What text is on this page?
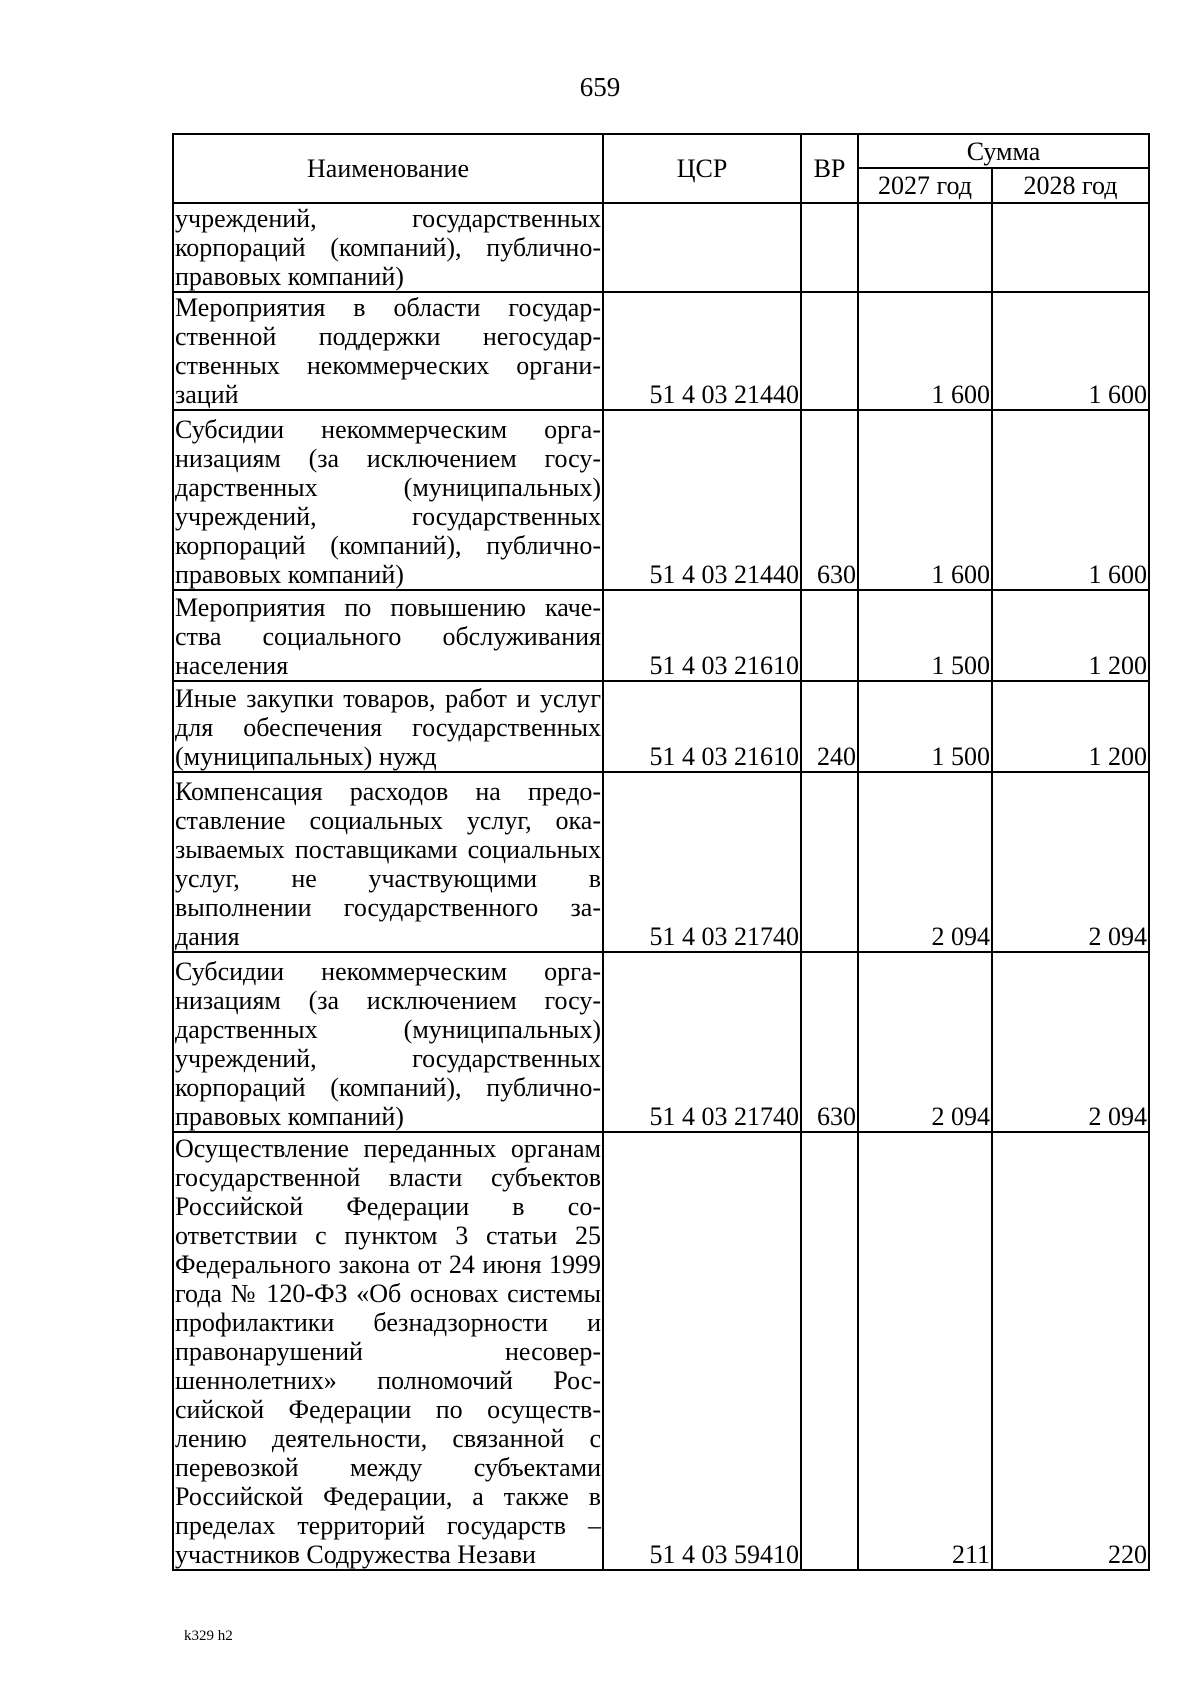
659
Наименование	ЦСР	ВР	Сумма	
			2027 год	2028 год
учреждений, государственных корпораций (компаний), публично-правовых компаний)				
Мероприятия в области государственной поддержки негосударственных некоммерческих организаций	51 4 03 21440		1 600	1 600
Субсидии некоммерческим организациям (за исключением государственных (муниципальных) учреждений, государственных корпораций (компаний), публично-правовых компаний)	51 4 03 21440	630	1 600	1 600
Мероприятия по повышению качества социального обслуживания населения	51 4 03 21610		1 500	1 200
Иные закупки товаров, работ и услуг для обеспечения государственных (муниципальных) нужд	51 4 03 21610	240	1 500	1 200
Компенсация расходов на предоставление социальных услуг, оказываемых поставщиками социальных услуг, не участвующими в выполнении государственного задания	51 4 03 21740		2 094	2 094
Субсидии некоммерческим организациям (за исключением государственных (муниципальных) учреждений, государственных корпораций (компаний), публично-правовых компаний)	51 4 03 21740	630	2 094	2 094
Осуществление переданных органам государственной власти субъектов Российской Федерации в соответствии с пунктом 3 статьи 25 Федерального закона от 24 июня 1999 года № 120-ФЗ «Об основах системы профилактики безнадзорности и правонарушений несовершеннолетних» полномочий Российской Федерации по осуществлению деятельности, связанной с перевозкой между субъектами Российской Федерации, а также в пределах территорий государств – участников Содружества Незави	51 4 03 59410		211	220
k329 h2
